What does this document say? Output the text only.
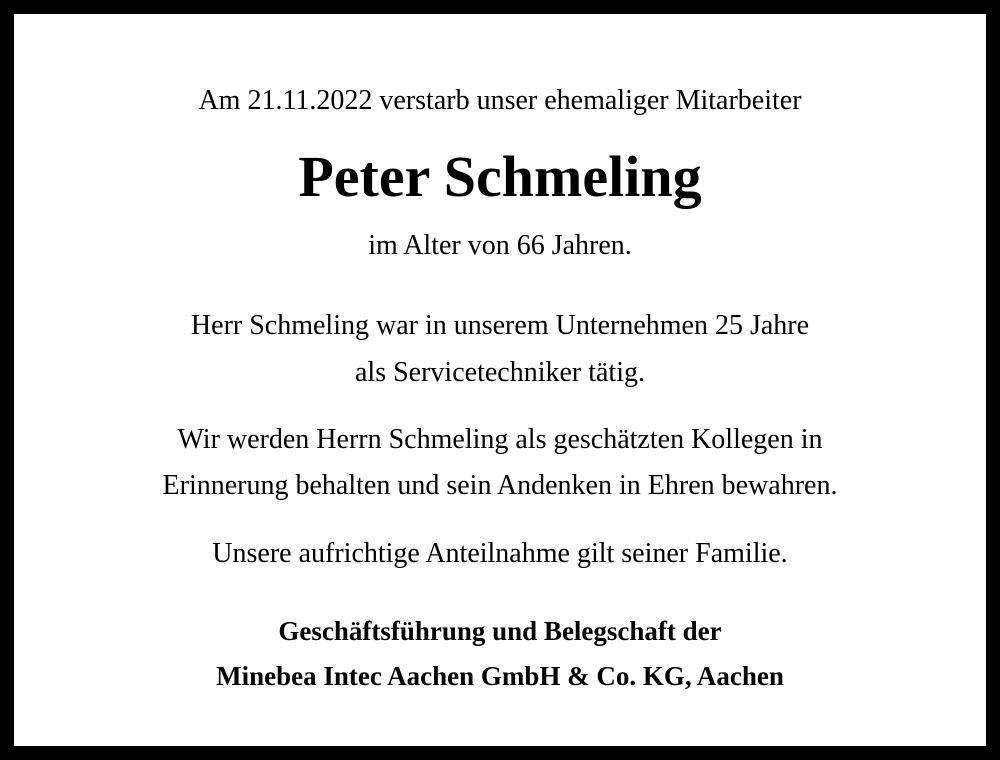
Am 21.11.2022 verstarb unser ehemaliger Mitarbeiter
Peter Schmeling
im Alter von 66 Jahren.
Herr Schmeling war in unserem Unternehmen 25 Jahre
als Servicetechniker tätig.
Wir werden Herrn Schmeling als geschätzten Kollegen in
Erinnerung behalten und sein Andenken in Ehren bewahren.
Unsere aufrichtige Anteilnahme gilt seiner Familie.
Geschäftsführung und Belegschaft der
Minebea Intec Aachen GmbH & Co. KG, Aachen
